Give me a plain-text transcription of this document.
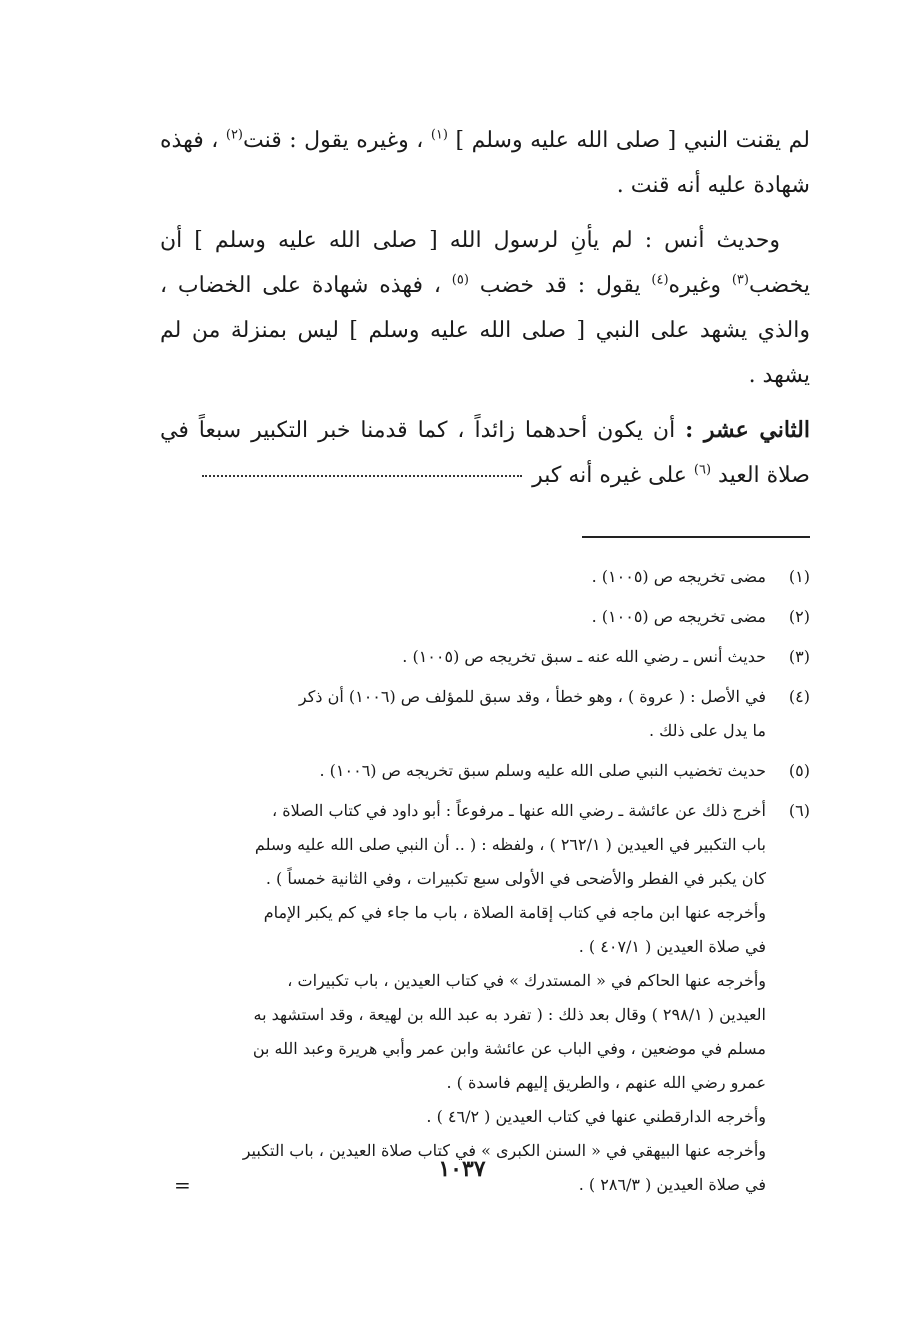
لم يقنت النبي [ صلى الله عليه وسلم ] $^{(١)}$ ، وغيره يقول : قنت$^{(٢)}$ ، فهذه شهادة عليه أنه قنت .

وحديث أنس : لم يأنِ لرسول الله [ صلى الله عليه وسلم ] أن يخضب$^{(٣)}$ وغيره$^{(٤)}$ يقول : قد خضب $^{(٥)}$ ، فهذه شهادة على الخضاب ، والذي يشهد على النبي [ صلى الله عليه وسلم ] ليس بمنزلة من لم يشهد .

الثاني عشر : أن يكون أحدهما زائداً ، كما قدمنا خبر التكبير سبعاً في صلاة العيد $^{(٦)}$ على غيره أنه كبر

(١)
مضى تخريجه ص (١٠٠٥) .
(٢)
مضى تخريجه ص (١٠٠٥) .
(٣)
حديث أنس ـ رضي الله عنه ـ سبق تخريجه ص (١٠٠٥) .
(٤)
في الأصل : ( عروة ) ، وهو خطأ ، وقد سبق للمؤلف ص (١٠٠٦) أن ذكر
ما يدل على ذلك .
(٥)
حديث تخضيب النبي صلى الله عليه وسلم سبق تخريجه ص (١٠٠٦) .
(٦)
أخرج ذلك عن عائشة ـ رضي الله عنها ـ مرفوعاً : أبو داود في كتاب الصلاة ،
باب التكبير في العيدين ( ٢٦٢/١ ) ، ولفظه : ( .. أن النبي صلى الله عليه وسلم
كان يكبر في الفطر والأضحى في الأولى سبع تكبيرات ، وفي الثانية خمساً ) .
وأخرجه عنها ابن ماجه في كتاب إقامة الصلاة ، باب ما جاء في كم يكبر الإمام
في صلاة العيدين ( ٤٠٧/١ ) .
وأخرجه عنها الحاكم في « المستدرك » في كتاب العيدين ، باب تكبيرات ،
العيدين ( ٢٩٨/١ ) وقال بعد ذلك : ( تفرد به عبد الله بن لهيعة ، وقد استشهد به
مسلم في موضعين ، وفي الباب عن عائشة وابن عمر وأبي هريرة وعبد الله بن
عمرو رضي الله عنهم ، والطريق إليهم فاسدة ) .
وأخرجه الدارقطني عنها في كتاب العيدين ( ٤٦/٢ ) .
وأخرجه عنها البيهقي في « السنن الكبرى » في كتاب صلاة العيدين ، باب التكبير
في صلاة العيدين ( ٢٨٦/٣ ) .
=
١٠٣٧
